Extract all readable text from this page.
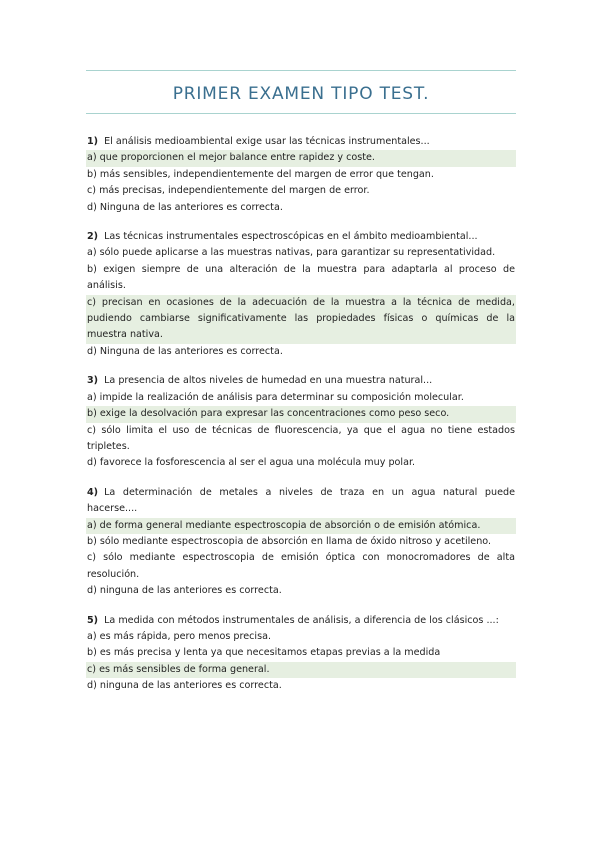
PRIMER EXAMEN TIPO TEST.
1) El análisis medioambiental exige usar las técnicas instrumentales...
a) que proporcionen el mejor balance entre rapidez y coste.
b) más sensibles, independientemente del margen de error que tengan.
c) más precisas, independientemente del margen de error.
d) Ninguna de las anteriores es correcta.
2) Las técnicas instrumentales espectroscópicas en el ámbito medioambiental...
a) sólo puede aplicarse a las muestras nativas, para garantizar su representatividad.
b) exigen siempre de una alteración de la muestra para adaptarla al proceso de
análisis.
c) precisan en ocasiones de la adecuación de la muestra a la técnica de medida,
pudiendo cambiarse significativamente las propiedades físicas o químicas de la
muestra nativa.
d) Ninguna de las anteriores es correcta.
3) La presencia de altos niveles de humedad en una muestra natural...
a) impide la realización de análisis para determinar su composición molecular.
b) exige la desolvación para expresar las concentraciones como peso seco.
c) sólo limita el uso de técnicas de fluorescencia, ya que el agua no tiene estados
tripletes.
d) favorece la fosforescencia al ser el agua una molécula muy polar.
4) La determinación de metales a niveles de traza en un agua natural puede
hacerse....
a) de forma general mediante espectroscopia de absorción o de emisión atómica.
b) sólo mediante espectroscopia de absorción en llama de óxido nitroso y acetileno.
c) sólo mediante espectroscopia de emisión óptica con monocromadores de alta
resolución.
d) ninguna de las anteriores es correcta.
5) La medida con métodos instrumentales de análisis, a diferencia de los clásicos ...:
a) es más rápida, pero menos precisa.
b) es más precisa y lenta ya que necesitamos etapas previas a la medida
c) es más sensibles de forma general.
d) ninguna de las anteriores es correcta.
